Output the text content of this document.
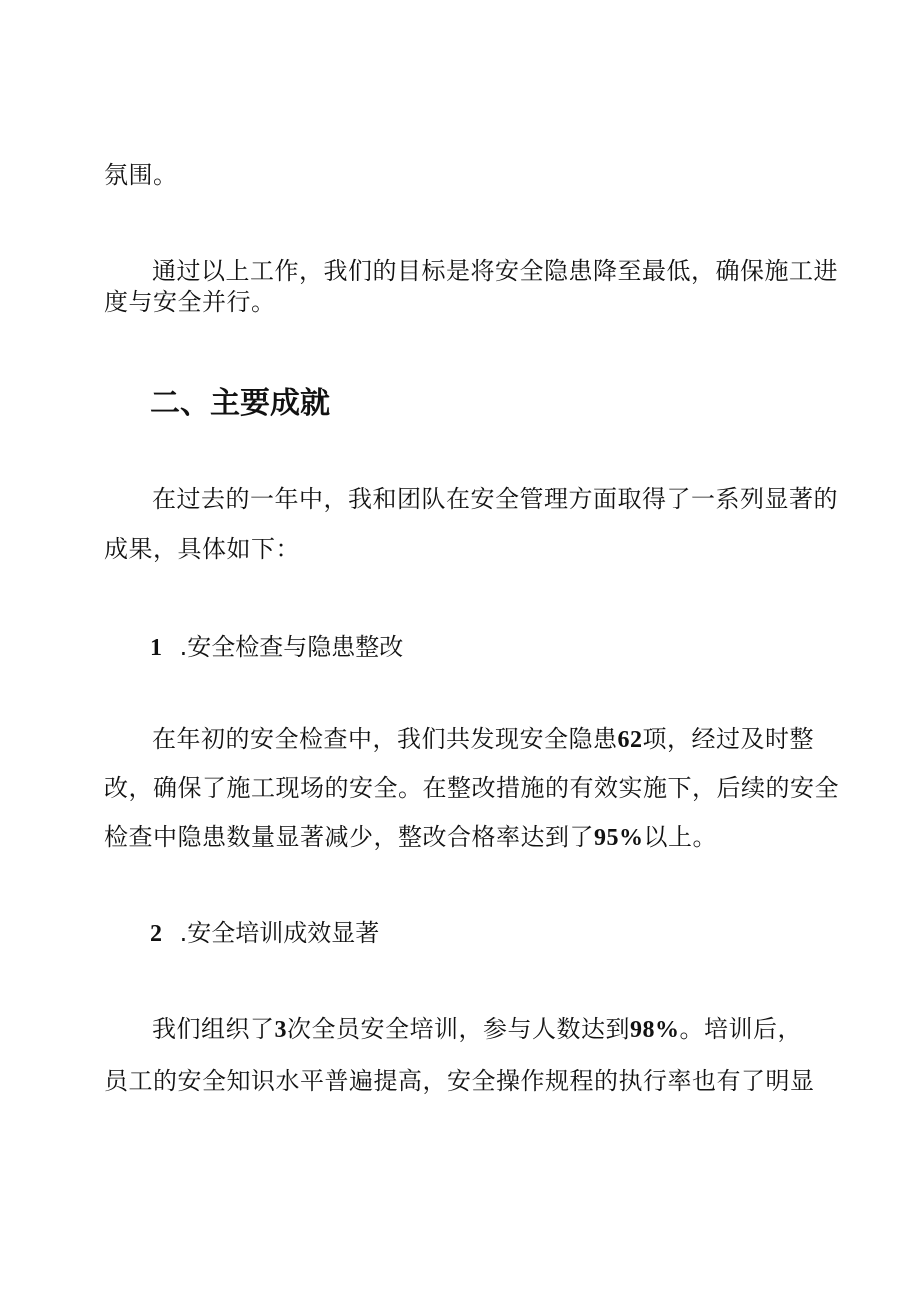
氛围。
通过以上工作，我们的目标是将安全隐患降至最低，确保施工进
度与安全并行。
二、主要成就
在过去的一年中，我和团队在安全管理方面取得了一系列显著的
成果，具体如下：
1 .安全检查与隐患整改
在年初的安全检查中，我们共发现安全隐患62项，经过及时整
改，确保了施工现场的安全。在整改措施的有效实施下，后续的安全
检查中隐患数量显著减少，整改合格率达到了95%以上。
2 .安全培训成效显著
我们组织了3次全员安全培训，参与人数达到98%。培训后，
员工的安全知识水平普遍提高，安全操作规程的执行率也有了明显
